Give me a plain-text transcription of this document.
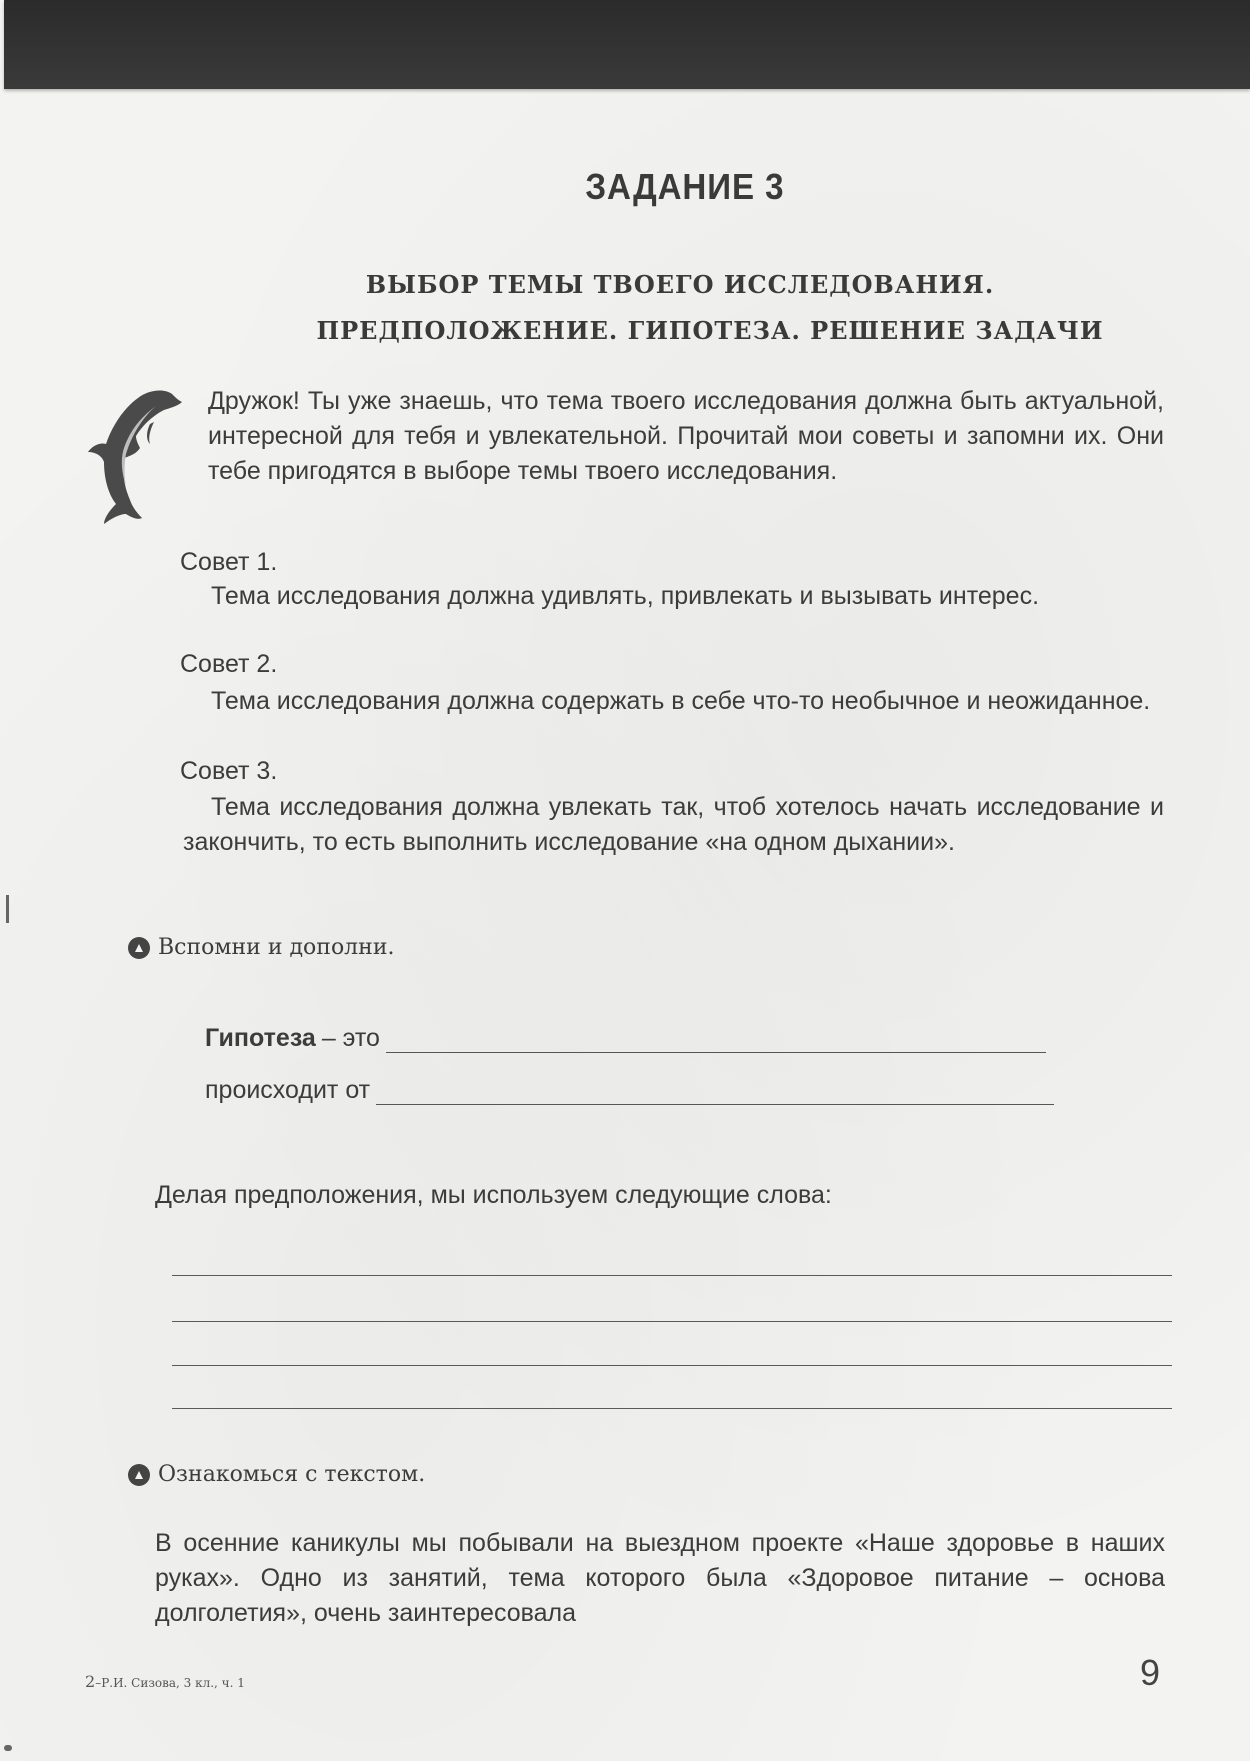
ЗАДАНИЕ 3
ВЫБОР ТЕМЫ ТВОЕГО ИССЛЕДОВАНИЯ.
ПРЕДПОЛОЖЕНИЕ. ГИПОТЕЗА. РЕШЕНИЕ ЗАДАЧИ
Дружок! Ты уже знаешь, что тема твоего исследования должна быть актуальной, интересной для тебя и увлекательной. Прочитай мои советы и запомни их. Они тебе пригодятся в выборе темы твоего исследования.
Совет 1.
Тема исследования должна удивлять, привлекать и вызывать интерес.
Совет 2.
Тема исследования должна содержать в себе что-то необычное и неожиданное.
Совет 3.
Тема исследования должна увлекать так, чтоб хотелось начать исследование и закончить, то есть выполнить исследование «на одном дыхании».
Вспомни и дополни.
Гипотеза – это
происходит от
Делая предположения, мы используем следующие слова:
Ознакомься с текстом.
В осенние каникулы мы побывали на выездном проекте «Наше здоровье в наших руках». Одно из занятий, тема которого была «Здоровое питание – основа долголетия», очень заинтересовала
2–Р.И. Сизова, 3 кл., ч. 1	9
